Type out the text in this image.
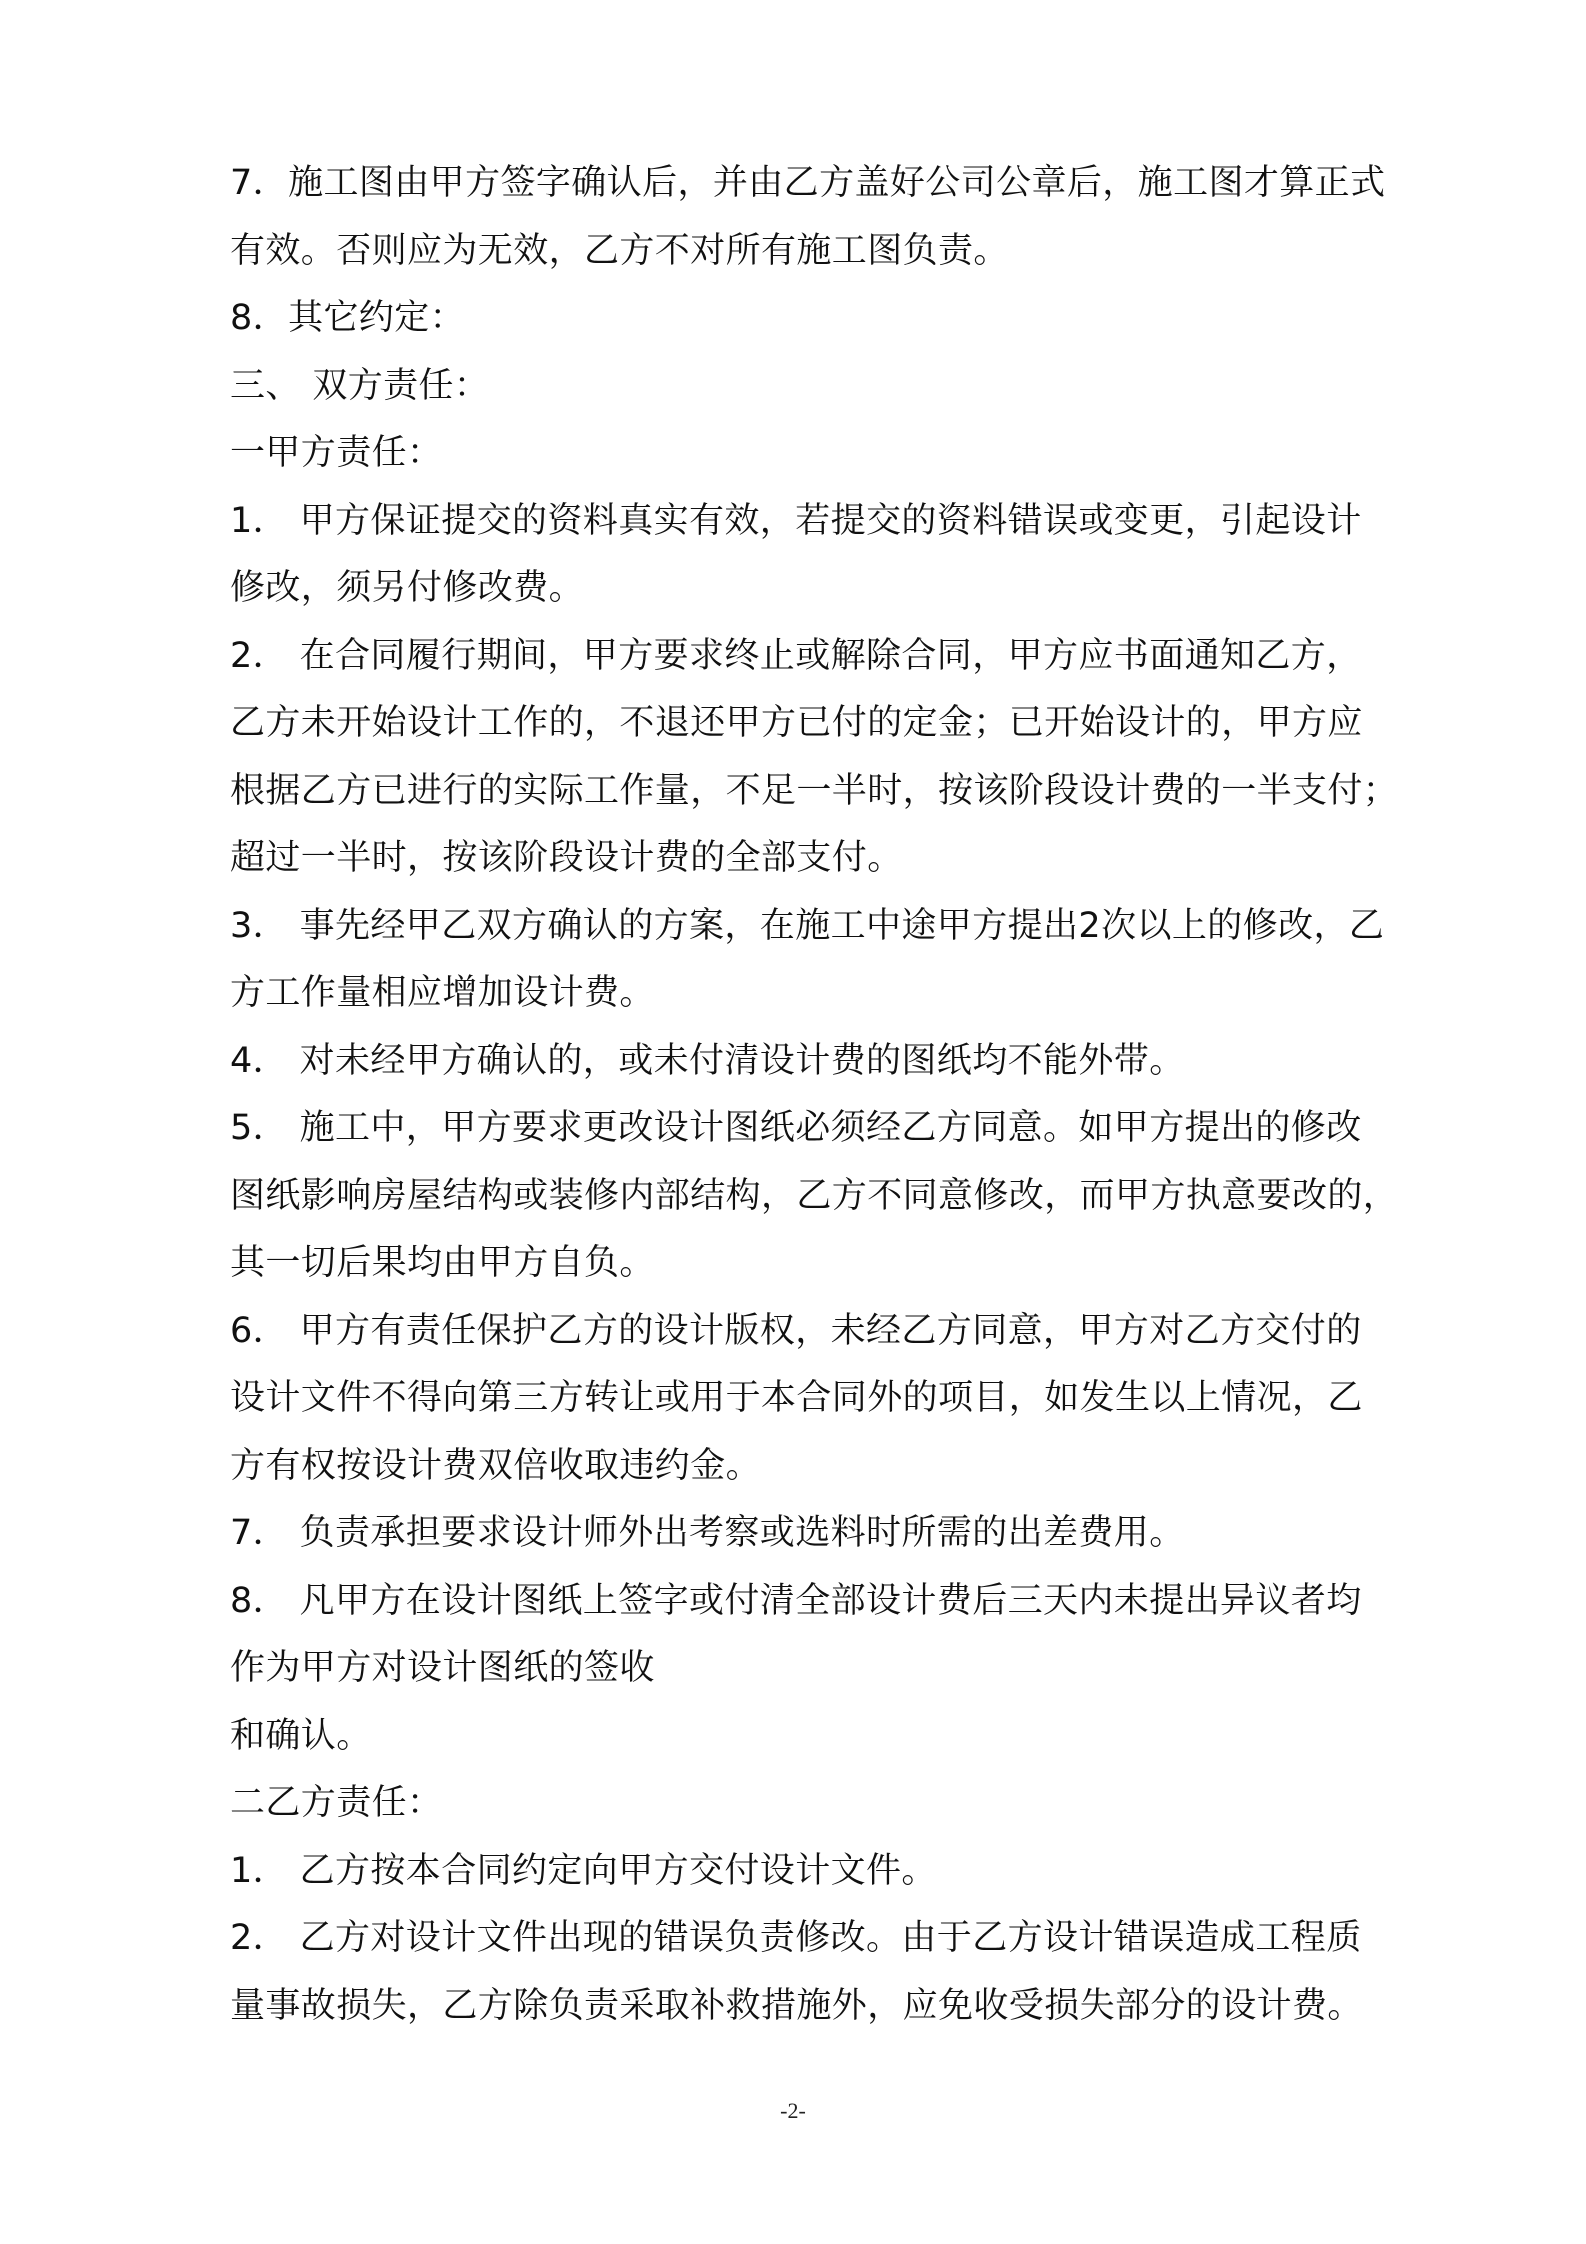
7．施工图由甲方签字确认后，并由乙方盖好公司公章后，施工图才算正式
有效。否则应为无效，乙方不对所有施工图负责。
8．其它约定：
三、 双方责任：
一甲方责任：
1． 甲方保证提交的资料真实有效，若提交的资料错误或变更，引起设计
修改，须另付修改费。
2． 在合同履行期间，甲方要求终止或解除合同，甲方应书面通知乙方，
乙方未开始设计工作的，不退还甲方已付的定金；已开始设计的，甲方应
根据乙方已进行的实际工作量，不足一半时，按该阶段设计费的一半支付；
超过一半时，按该阶段设计费的全部支付。
3． 事先经甲乙双方确认的方案，在施工中途甲方提出2次以上的修改，乙
方工作量相应增加设计费。
4． 对未经甲方确认的，或未付清设计费的图纸均不能外带。
5． 施工中，甲方要求更改设计图纸必须经乙方同意。如甲方提出的修改
图纸影响房屋结构或装修内部结构，乙方不同意修改，而甲方执意要改的，
其一切后果均由甲方自负。
6． 甲方有责任保护乙方的设计版权，未经乙方同意，甲方对乙方交付的
设计文件不得向第三方转让或用于本合同外的项目，如发生以上情况，乙
方有权按设计费双倍收取违约金。
7． 负责承担要求设计师外出考察或选料时所需的出差费用。
8． 凡甲方在设计图纸上签字或付清全部设计费后三天内未提出异议者均
作为甲方对设计图纸的签收
和确认。
二乙方责任：
1． 乙方按本合同约定向甲方交付设计文件。
2． 乙方对设计文件出现的错误负责修改。由于乙方设计错误造成工程质
量事故损失，乙方除负责采取补救措施外，应免收受损失部分的设计费。
-2-
